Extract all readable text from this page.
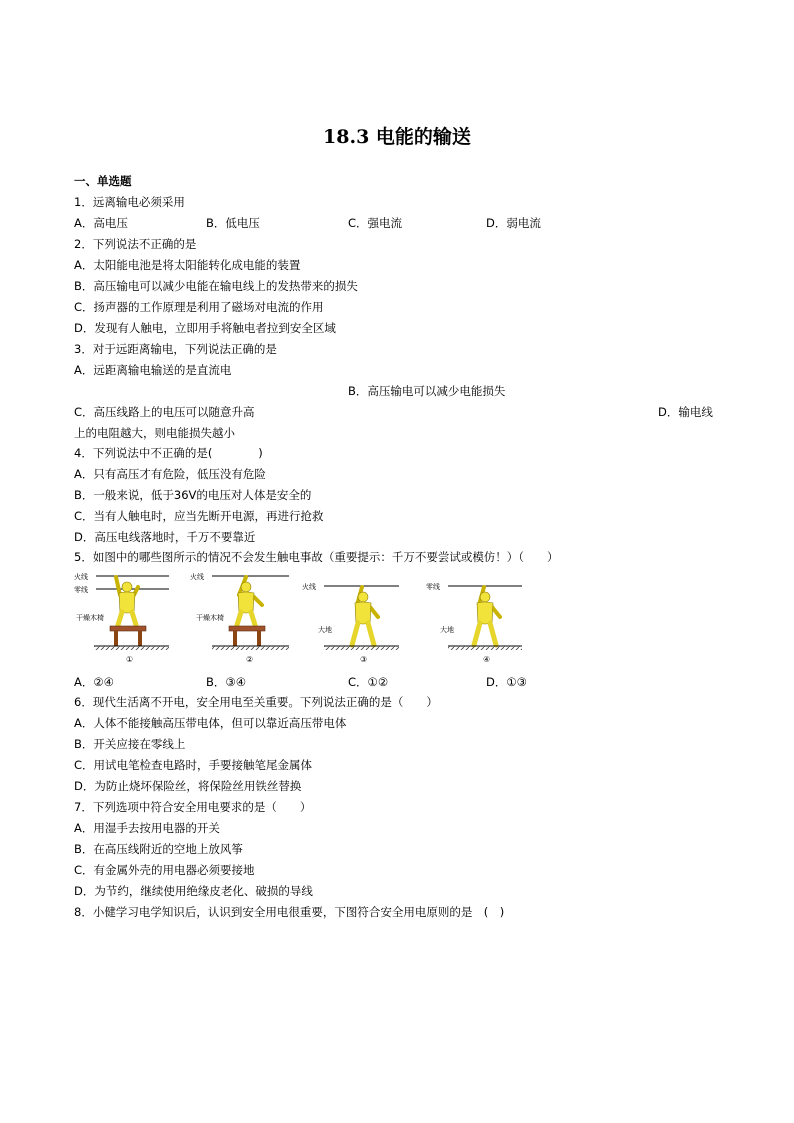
18.3 电能的输送
一、单选题
1．远离输电必须采用
A．高电压	B．低电压	C．强电流	D．弱电流
2．下列说法不正确的是
A．太阳能电池是将太阳能转化成电能的装置
B．高压输电可以减少电能在输电线上的发热带来的损失
C．扬声器的工作原理是利用了磁场对电流的作用
D．发现有人触电，立即用手将触电者拉到安全区域
3．对于远距离输电，下列说法正确的是
A．远距离输电输送的是直流电
B．高压输电可以减少电能损失
C．高压线路上的电压可以随意升高	D．输电线
上的电阻越大，则电能损失越小
4．下列说法中不正确的是(　　　　)
A．只有高压才有危险，低压没有危险
B．一般来说，低于36V的电压对人体是安全的
C．当有人触电时，应当先断开电源，再进行抢救
D．高压电线落地时，千万不要靠近
5．如图中的哪些图所示的情况不会发生触电事故（重要提示：千万不要尝试或模仿！）（　　）
火线
零线
干燥木椅
①
火线
干燥木椅
②
火线
大地
③
零线
大地
④
A．②④	B．③④	C．①②	D．①③
6．现代生活离不开电，安全用电至关重要。下列说法正确的是（　　）
A．人体不能接触高压带电体，但可以靠近高压带电体
B．开关应接在零线上
C．用试电笔检查电路时，手要接触笔尾金属体
D．为防止烧坏保险丝，将保险丝用铁丝替换
7．下列选项中符合安全用电要求的是（　　）
A．用湿手去按用电器的开关
B．在高压线附近的空地上放风筝
C．有金属外壳的用电器必须要接地
D．为节约，继续使用绝缘皮老化、破损的导线
8．小健学习电学知识后，认识到安全用电很重要，下图符合安全用电原则的是　(　)
